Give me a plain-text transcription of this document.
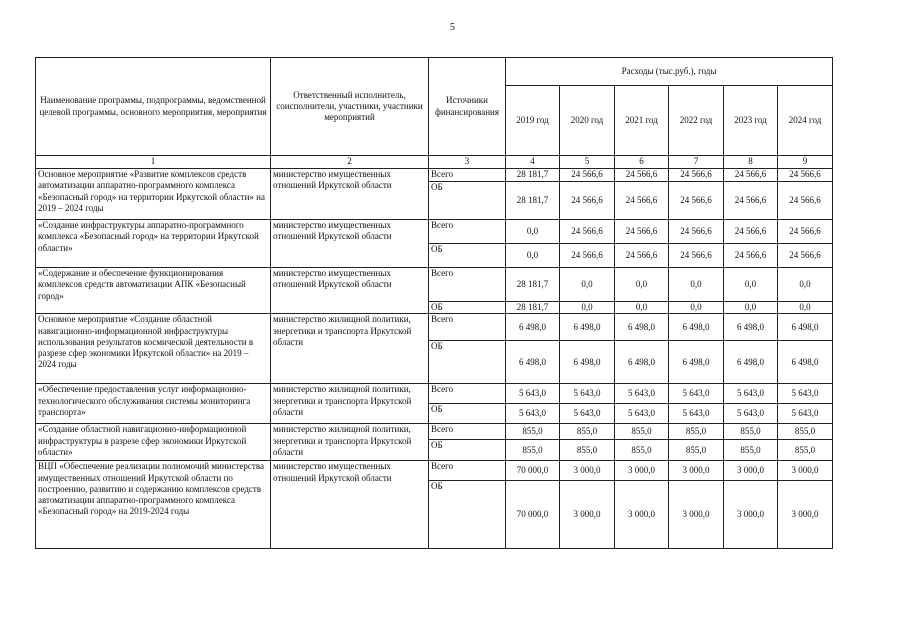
5
Наименование программы, подпрограммы, ведомственной целевой программы, основного мероприятия, мероприятия	Ответственный исполнитель, соисполнители, участники, участники мероприятий	Источники финансирования	Расходы (тыс.руб.), годы					
			2019 год	2020 год	2021 год	2022 год	2023 год	2024 год
1	2	3	4	5	6	7	8	9
Основное мероприятие «Развитие комплексов средств автоматизации аппаратно-программного комплекса «Безопасный город» на территории Иркутской области» на 2019 – 2024 годы	министерство имущественных отношений Иркутской области	Всего	28 181,7	24 566,6	24 566,6	24 566,6	24 566,6	24 566,6
		ОБ	28 181,7	24 566,6	24 566,6	24 566,6	24 566,6	24 566,6
«Создание инфраструктуры аппаратно-программного комплекса «Безопасный город» на территории Иркутской области»	министерство имущественных отношений Иркутской области	Всего	0,0	24 566,6	24 566,6	24 566,6	24 566,6	24 566,6
		ОБ	0,0	24 566,6	24 566,6	24 566,6	24 566,6	24 566,6
«Содержание и обеспечение функционирования комплексов средств автоматизации АПК «Безопасный город»	министерство имущественных отношений Иркутской области	Всего	28 181,7	0,0	0,0	0,0	0,0	0,0
		ОБ	28 181,7	0,0	0,0	0,0	0,0	0,0
Основное мероприятие «Создание областной навигационно-информационной инфраструктуры использования результатов космической деятельности в разрезе сфер экономики Иркутской области» на 2019 – 2024 годы	министерство жилищной политики, энергетики и транспорта Иркутской области	Всего	6 498,0	6 498,0	6 498,0	6 498,0	6 498,0	6 498,0
		ОБ	6 498,0	6 498,0	6 498,0	6 498,0	6 498,0	6 498,0
«Обеспечение предоставления услуг информационно-технологического обслуживания системы мониторинга транспорта»	министерство жилищной политики, энергетики и транспорта Иркутской области	Всего	5 643,0	5 643,0	5 643,0	5 643,0	5 643,0	5 643,0
		ОБ	5 643,0	5 643,0	5 643,0	5 643,0	5 643,0	5 643,0
«Создание областной навигационно-информационной инфраструктуры в разрезе сфер экономики Иркутской области»	министерство жилищной политики, энергетики и транспорта Иркутской области	Всего	855,0	855,0	855,0	855,0	855,0	855,0
		ОБ	855,0	855,0	855,0	855,0	855,0	855,0
ВЦП «Обеспечение реализации полномочий министерства имущественных отношений Иркутской области по построению, развитию и содержанию комплексов средств автоматизации аппаратно-программного комплекса «Безопасный город» на 2019-2024 годы	министерство имущественных отношений Иркутской области	Всего	70 000,0	3 000,0	3 000,0	3 000,0	3 000,0	3 000,0
		ОБ	70 000,0	3 000,0	3 000,0	3 000,0	3 000,0	3 000,0
